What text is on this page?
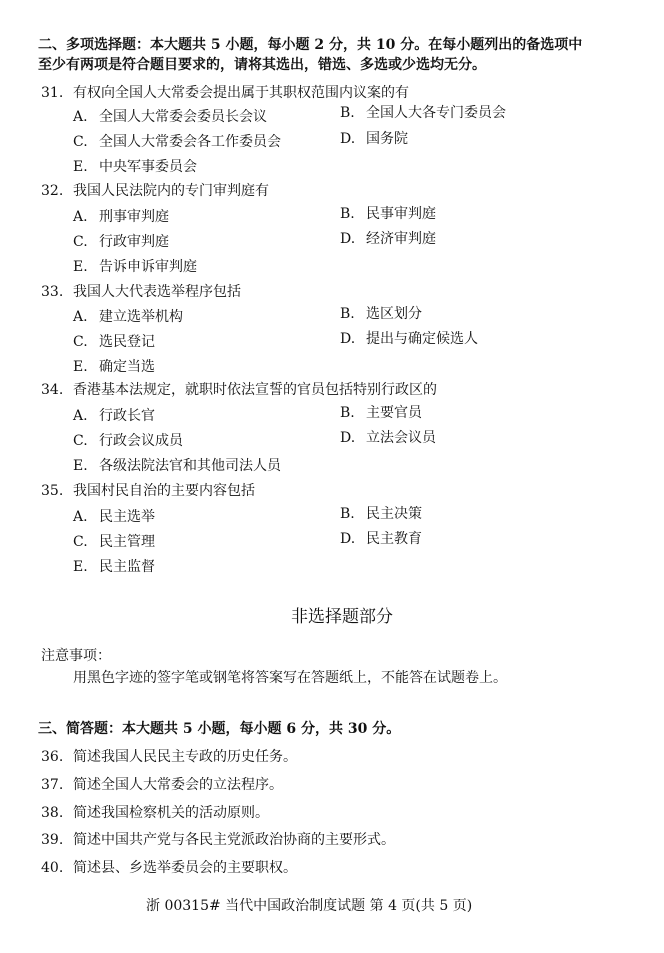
二、多项选择题：本大题共 5 小题，每小题 2 分，共 10 分。在每小题列出的备选项中
至少有两项是符合题目要求的，请将其选出，错选、多选或少选均无分。
31. 有权向全国人大常委会提出属于其职权范围内议案的有
A. 全国人大常委会委员长会议	B. 全国人大各专门委员会
C. 全国人大常委会各工作委员会	D. 国务院
E. 中央军事委员会
32. 我国人民法院内的专门审判庭有
A. 刑事审判庭	B. 民事审判庭
C. 行政审判庭	D. 经济审判庭
E. 告诉申诉审判庭
33. 我国人大代表选举程序包括
A. 建立选举机构	B. 选区划分
C. 选民登记	D. 提出与确定候选人
E. 确定当选
34. 香港基本法规定，就职时依法宣誓的官员包括特别行政区的
A. 行政长官	B. 主要官员
C. 行政会议成员	D. 立法会议员
E. 各级法院法官和其他司法人员
35. 我国村民自治的主要内容包括
A. 民主选举	B. 民主决策
C. 民主管理	D. 民主教育
E. 民主监督
非选择题部分
注意事项：
用黑色字迹的签字笔或钢笔将答案写在答题纸上，不能答在试题卷上。
三、简答题：本大题共 5 小题，每小题 6 分，共 30 分。
36. 简述我国人民民主专政的历史任务。
37. 简述全国人大常委会的立法程序。
38. 简述我国检察机关的活动原则。
39. 简述中国共产党与各民主党派政治协商的主要形式。
40. 简述县、乡选举委员会的主要职权。
浙 00315# 当代中国政治制度试题 第 4 页(共 5 页)
